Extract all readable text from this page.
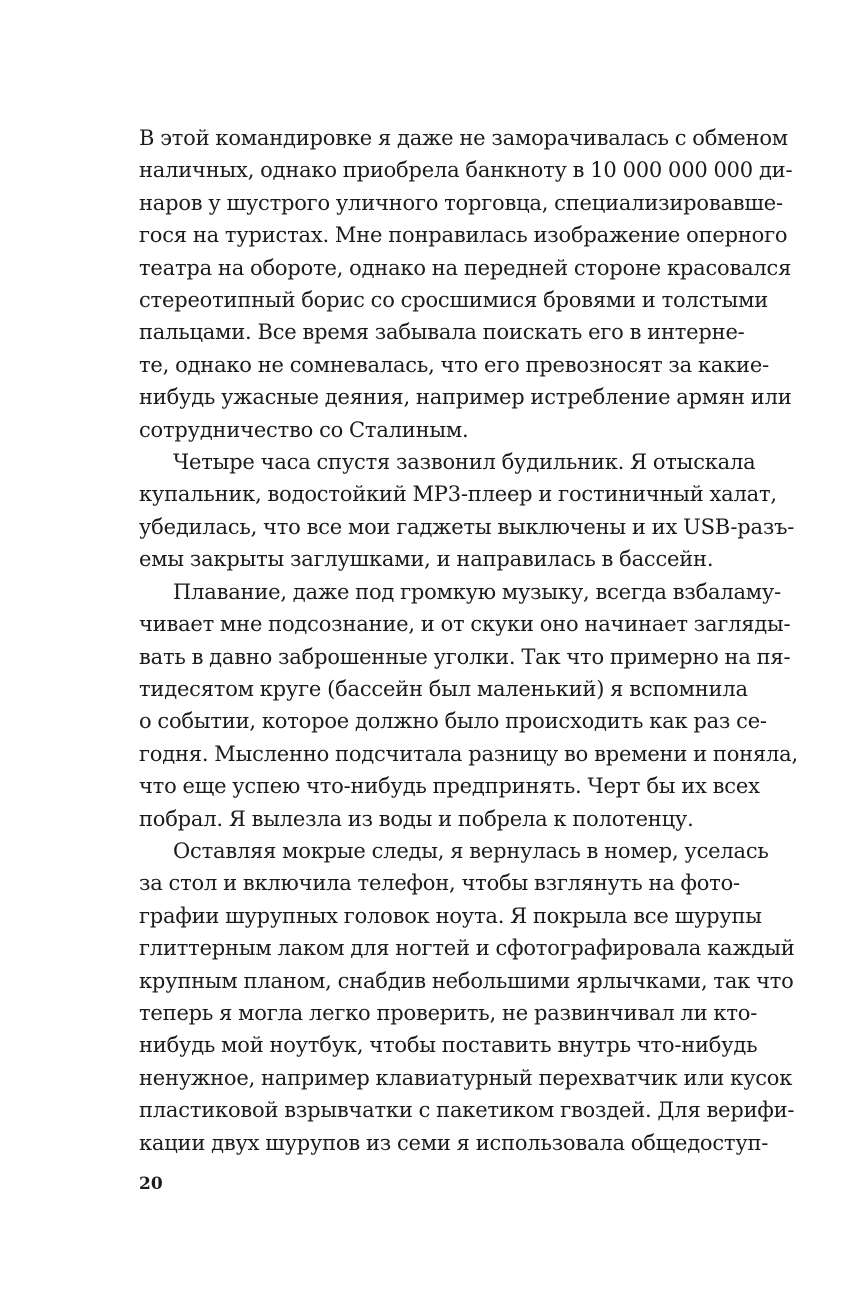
В этой командировке я даже не заморачивалась с обменом
наличных, однако приобрела банкноту в 10 000 000 000 ди-
наров у шустрого уличного торговца, специализировавше-
гося на туристах. Мне понравилась изображение оперного
театра на обороте, однако на передней стороне красовался
стереотипный борис со сросшимися бровями и толстыми
пальцами. Все время забывала поискать его в интерне-
те, однако не сомневалась, что его превозносят за какие-
нибудь ужасные деяния, например истребление армян или
сотрудничество со Сталиным.
Четыре часа спустя зазвонил будильник. Я отыскала
купальник, водостойкий MP3-плеер и гостиничный халат,
убедилась, что все мои гаджеты выключены и их USB-разъ-
емы закрыты заглушками, и направилась в бассейн.
Плавание, даже под громкую музыку, всегда взбаламу-
чивает мне подсознание, и от скуки оно начинает загляды-
вать в давно заброшенные уголки. Так что примерно на пя-
тидесятом круге (бассейн был маленький) я вспомнила
о событии, которое должно было происходить как раз се-
годня. Мысленно подсчитала разницу во времени и поняла,
что еще успею что-нибудь предпринять. Черт бы их всех
побрал. Я вылезла из воды и побрела к полотенцу.
Оставляя мокрые следы, я вернулась в номер, уселась
за стол и включила телефон, чтобы взглянуть на фото-
графии шурупных головок ноута. Я покрыла все шурупы
глиттерным лаком для ногтей и сфотографировала каждый
крупным планом, снабдив небольшими ярлычками, так что
теперь я могла легко проверить, не развинчивал ли кто-
нибудь мой ноутбук, чтобы поставить внутрь что-нибудь
ненужное, например клавиатурный перехватчик или кусок
пластиковой взрывчатки с пакетиком гвоздей. Для верифи-
кации двух шурупов из семи я использовала общедоступ-
20
